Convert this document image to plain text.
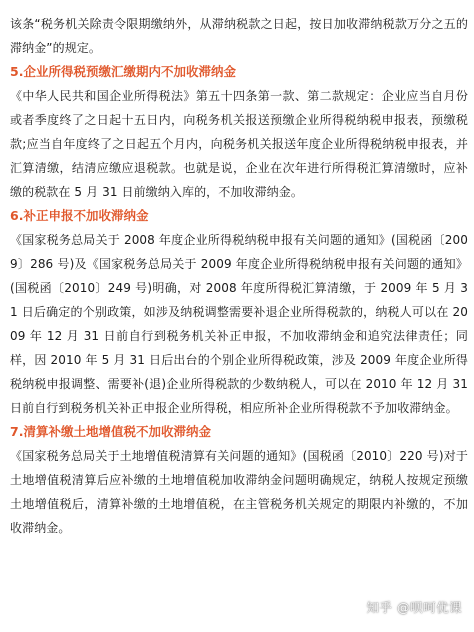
该条“税务机关除责令限期缴纳外，从滞纳税款之日起，按日加收滞纳税款万分之五的滞纳金”的规定。

5.企业所得税预缴汇缴期内不加收滞纳金

《中华人民共和国企业所得税法》第五十四条第一款、第二款规定：企业应当自月份或者季度终了之日起十五日内，向税务机关报送预缴企业所得税纳税申报表，预缴税款;应当自年度终了之日起五个月内，向税务机关报送年度企业所得税纳税申报表，并汇算清缴，结清应缴应退税款。也就是说，企业在次年进行所得税汇算清缴时，应补缴的税款在 5 月 31 日前缴纳入库的，不加收滞纳金。

6.补正申报不加收滞纳金

《国家税务总局关于 2008 年度企业所得税纳税申报有关问题的通知》(国税函〔2009〕286 号)及《国家税务总局关于 2009 年度企业所得税纳税申报有关问题的通知》(国税函〔2010〕249 号)明确，对 2008 年度所得税汇算清缴，于 2009 年 5 月 31 日后确定的个别政策，如涉及纳税调整需要补退企业所得税款的，纳税人可以在 2009 年 12 月 31 日前自行到税务机关补正申报，不加收滞纳金和追究法律责任；同样，因 2010 年 5 月 31 日后出台的个别企业所得税政策，涉及 2009 年度企业所得税纳税申报调整、需要补(退)企业所得税款的少数纳税人，可以在 2010 年 12 月 31 日前自行到税务机关补正申报企业所得税，相应所补企业所得税款不予加收滞纳金。

7.清算补缴土地增值税不加收滞纳金

《国家税务总局关于土地增值税清算有关问题的通知》(国税函〔2010〕220 号)对于土地增值税清算后应补缴的土地增值税加收滞纳金问题明确规定，纳税人按规定预缴土地增值税后，清算补缴的土地增值税，在主管税务机关规定的期限内补缴的，不加收滞纳金。

知乎 @呗呵优课
